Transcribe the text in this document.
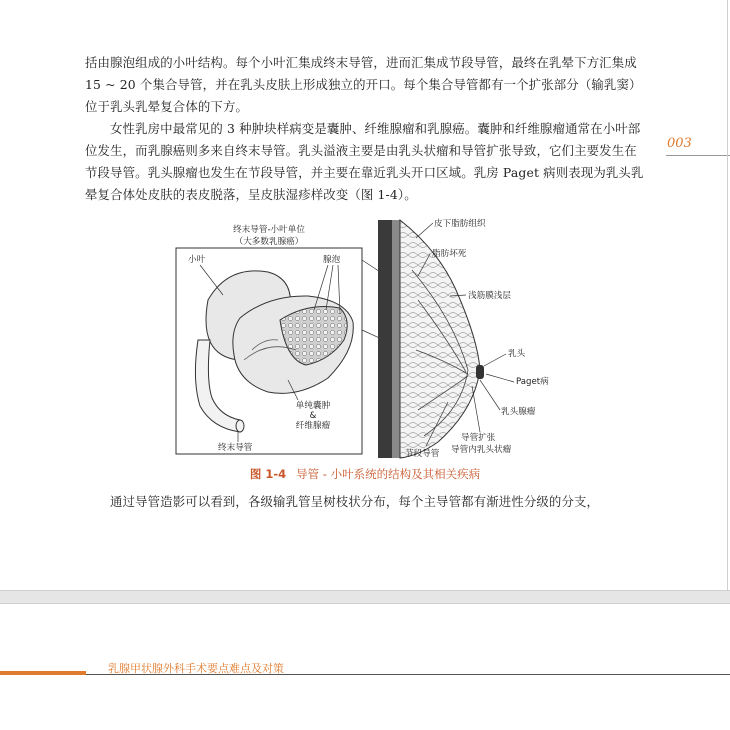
括由腺泡组成的小叶结构。每个小叶汇集成终末导管，进而汇集成节段导管，最终在乳晕下方汇集成 15 ~ 20 个集合导管，并在乳头皮肤上形成独立的开口。每个集合导管都有一个扩张部分（输乳窦）位于乳头乳晕复合体的下方。

女性乳房中最常见的 3 种肿块样病变是囊肿、纤维腺瘤和乳腺癌。囊肿和纤维腺瘤通常在小叶部位发生，而乳腺癌则多来自终末导管。乳头溢液主要是由乳头状瘤和导管扩张导致，它们主要发生在节段导管。乳头腺瘤也发生在节段导管，并主要在靠近乳头开口区域。乳房 Paget 病则表现为乳头乳晕复合体处皮肤的表皮脱落，呈皮肤湿疹样改变（图 1-4）。

003
终末导管-小叶单位
（大多数乳腺癌）
小叶	腺泡
单纯囊肿
&
纤维腺瘤
终末导管
皮下脂肪组织
脂肪坏死
浅筋膜浅层
乳头
Paget病
乳头腺瘤
导管扩张
导管内乳头状瘤
节段导管
图 1-4 导管 - 小叶系统的结构及其相关疾病

通过导管造影可以看到，各级输乳管呈树枝状分布，每个主导管都有渐进性分级的分支，

乳腺甲状腺外科手术要点难点及对策
